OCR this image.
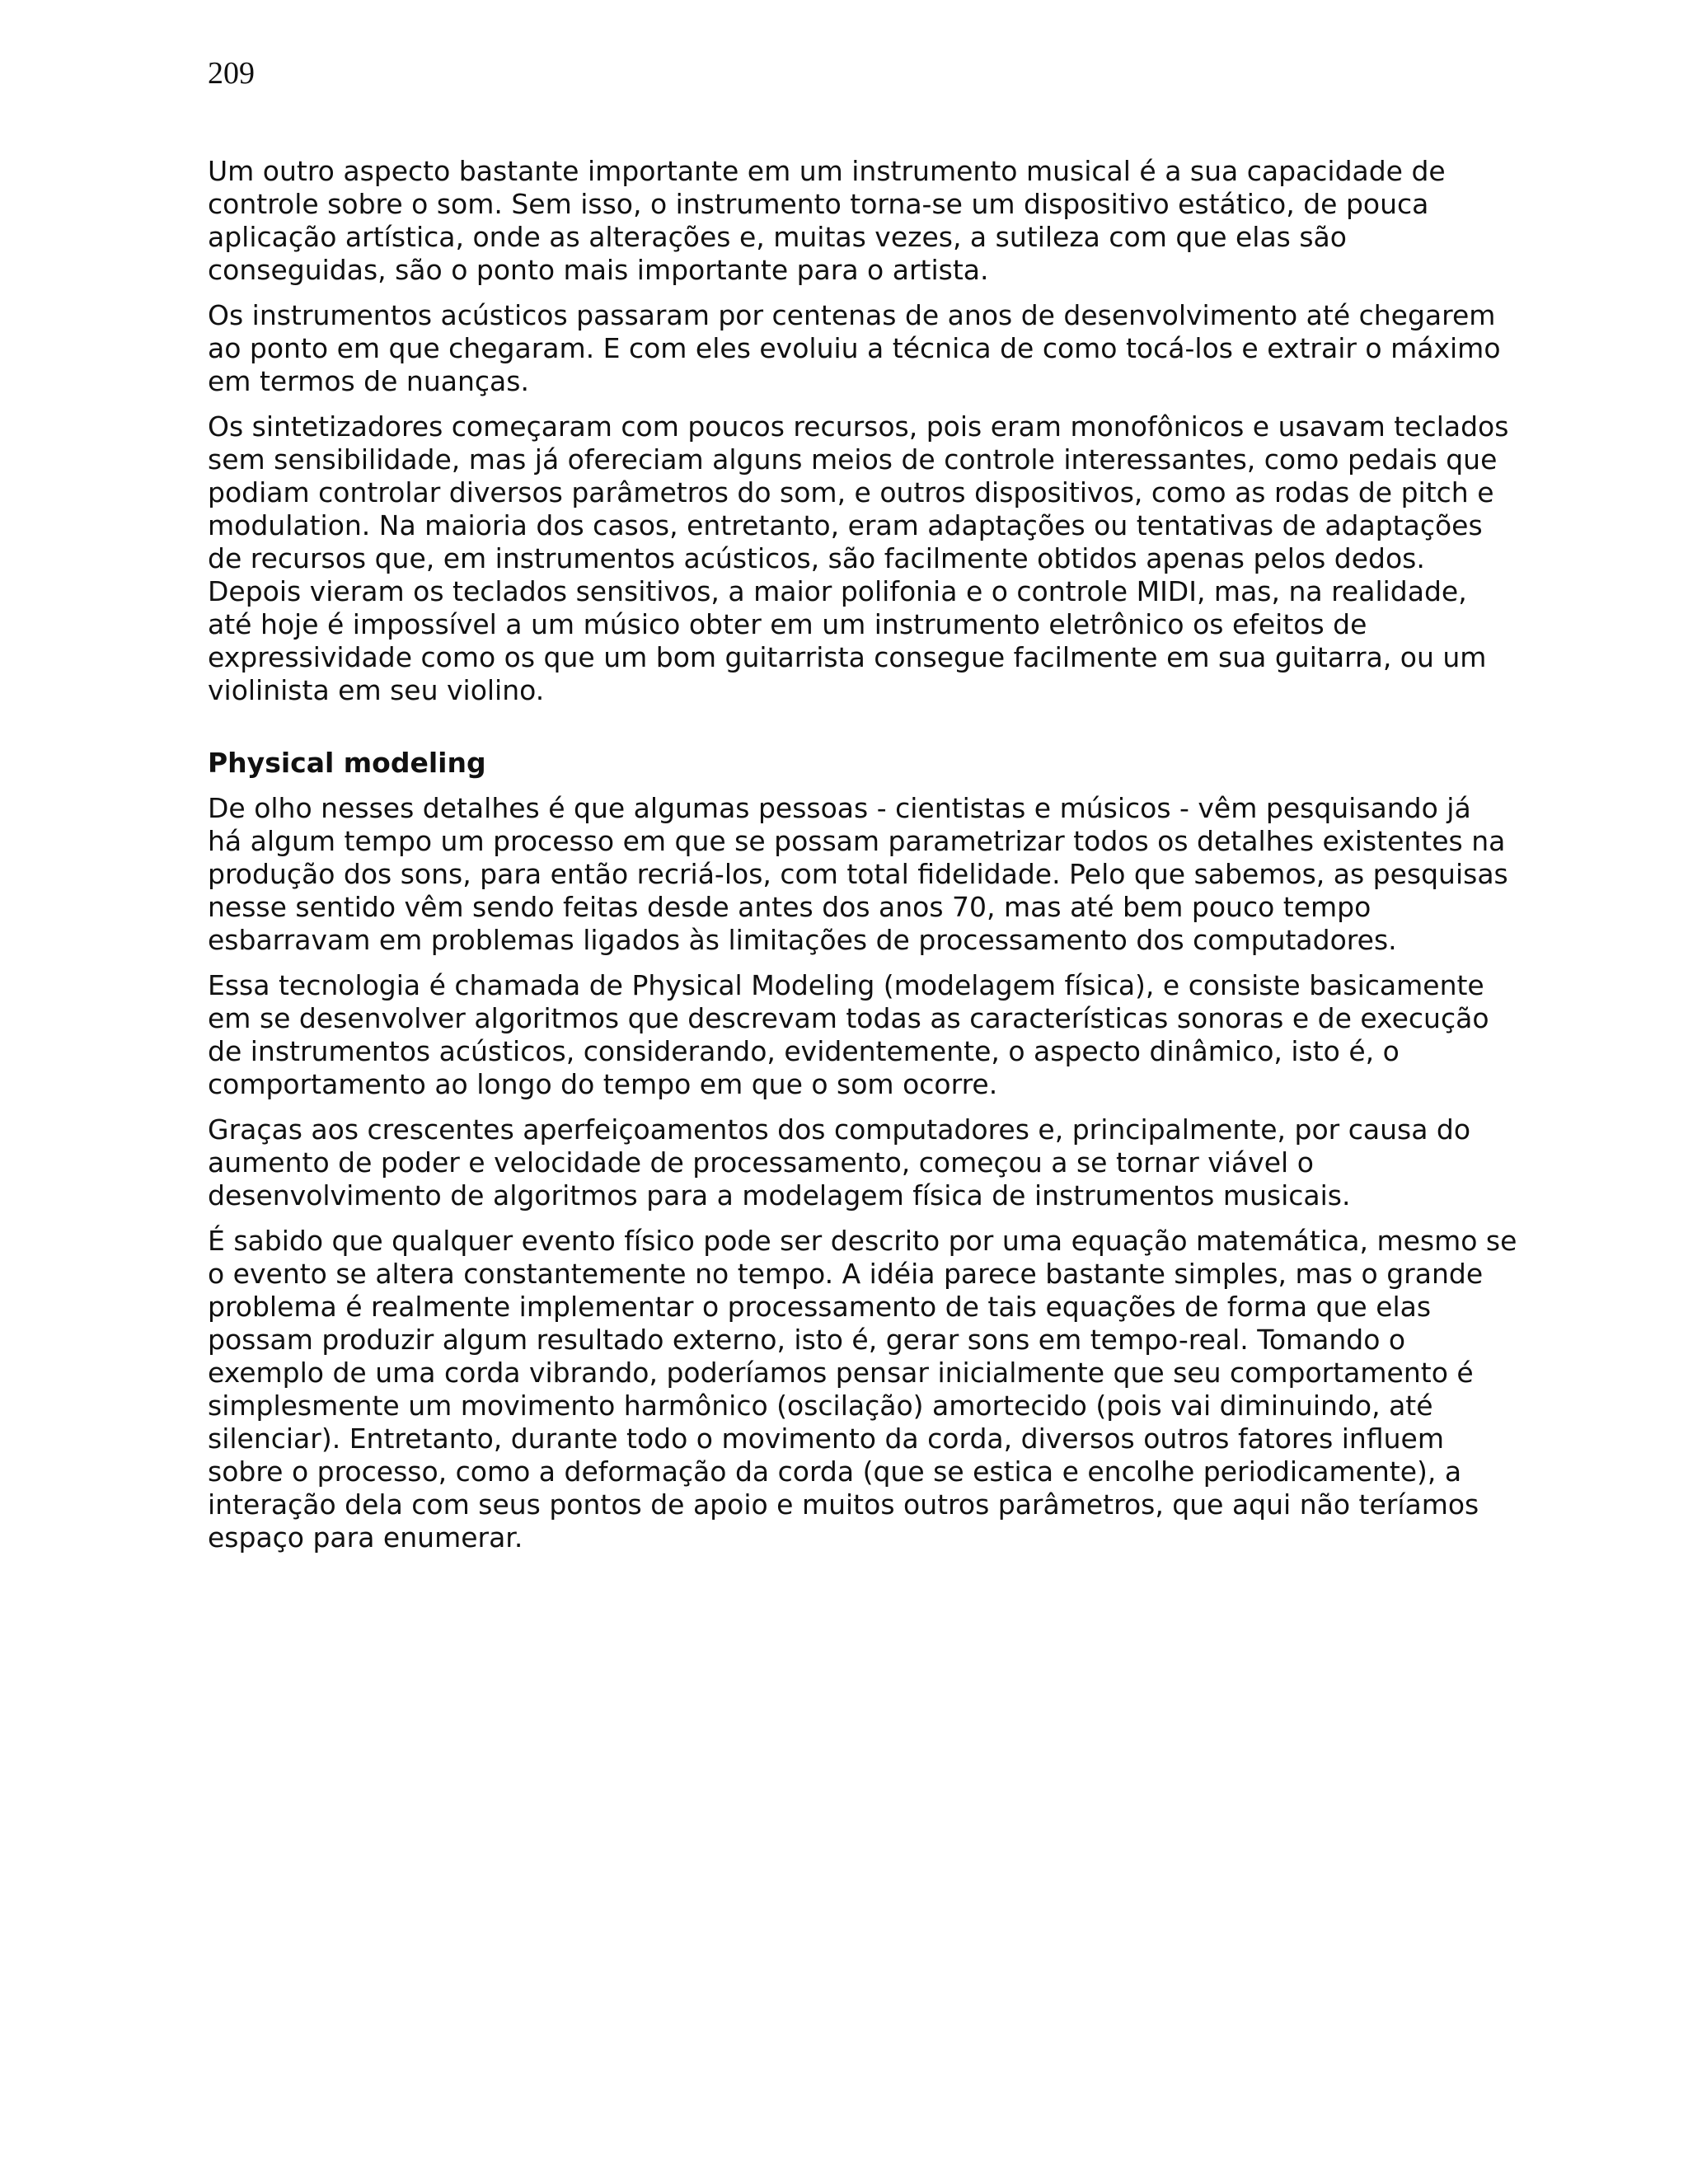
209
Um outro aspecto bastante importante em um instrumento musical é a sua capacidade de
controle sobre o som. Sem isso, o instrumento torna-se um dispositivo estático, de pouca
aplicação artística, onde as alterações e, muitas vezes, a sutileza com que elas são
conseguidas, são o ponto mais importante para o artista.
Os instrumentos acústicos passaram por centenas de anos de desenvolvimento até chegarem
ao ponto em que chegaram. E com eles evoluiu a técnica de como tocá-los e extrair o máximo
em termos de nuanças.
Os sintetizadores começaram com poucos recursos, pois eram monofônicos e usavam teclados
sem sensibilidade, mas já ofereciam alguns meios de controle interessantes, como pedais que
podiam controlar diversos parâmetros do som, e outros dispositivos, como as rodas de pitch e
modulation. Na maioria dos casos, entretanto, eram adaptações ou tentativas de adaptações
de recursos que, em instrumentos acústicos, são facilmente obtidos apenas pelos dedos.
Depois vieram os teclados sensitivos, a maior polifonia e o controle MIDI, mas, na realidade,
até hoje é impossível a um músico obter em um instrumento eletrônico os efeitos de
expressividade como os que um bom guitarrista consegue facilmente em sua guitarra, ou um
violinista em seu violino.
Physical modeling
De olho nesses detalhes é que algumas pessoas - cientistas e músicos - vêm pesquisando já
há algum tempo um processo em que se possam parametrizar todos os detalhes existentes na
produção dos sons, para então recriá-los, com total fidelidade. Pelo que sabemos, as pesquisas
nesse sentido vêm sendo feitas desde antes dos anos 70, mas até bem pouco tempo
esbarravam em problemas ligados às limitações de processamento dos computadores.
Essa tecnologia é chamada de Physical Modeling (modelagem física), e consiste basicamente
em se desenvolver algoritmos que descrevam todas as características sonoras e de execução
de instrumentos acústicos, considerando, evidentemente, o aspecto dinâmico, isto é, o
comportamento ao longo do tempo em que o som ocorre.
Graças aos crescentes aperfeiçoamentos dos computadores e, principalmente, por causa do
aumento de poder e velocidade de processamento, começou a se tornar viável o
desenvolvimento de algoritmos para a modelagem física de instrumentos musicais.
É sabido que qualquer evento físico pode ser descrito por uma equação matemática, mesmo se
o evento se altera constantemente no tempo. A idéia parece bastante simples, mas o grande
problema é realmente implementar o processamento de tais equações de forma que elas
possam produzir algum resultado externo, isto é, gerar sons em tempo-real. Tomando o
exemplo de uma corda vibrando, poderíamos pensar inicialmente que seu comportamento é
simplesmente um movimento harmônico (oscilação) amortecido (pois vai diminuindo, até
silenciar). Entretanto, durante todo o movimento da corda, diversos outros fatores influem
sobre o processo, como a deformação da corda (que se estica e encolhe periodicamente), a
interação dela com seus pontos de apoio e muitos outros parâmetros, que aqui não teríamos
espaço para enumerar.
